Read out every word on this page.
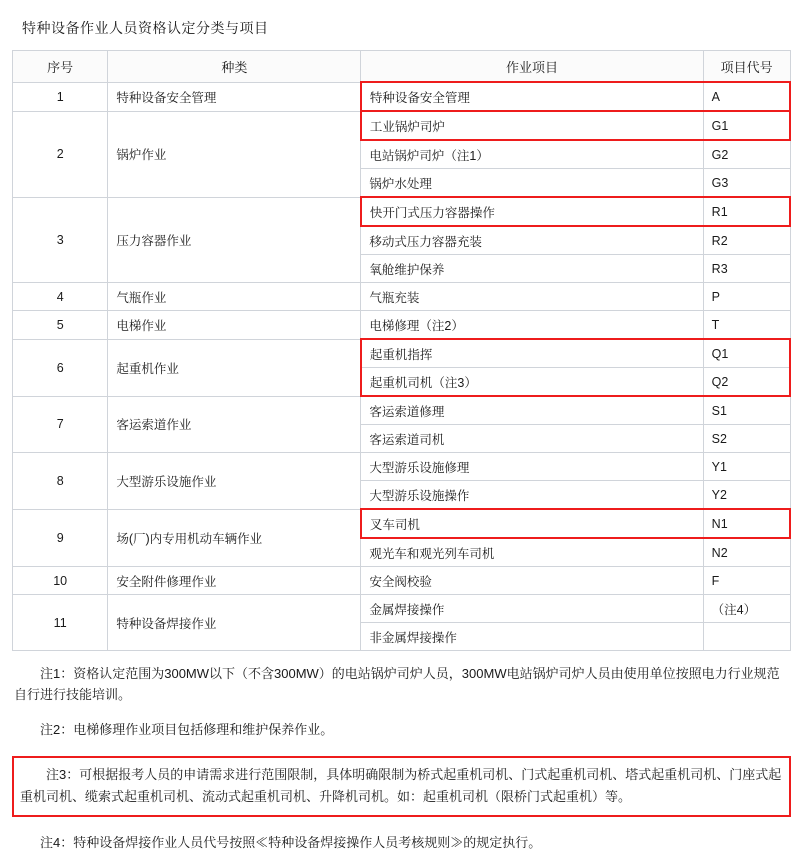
特种设备作业人员资格认定分类与项目
序号	种类	作业项目	项目代号
1	特种设备安全管理	特种设备安全管理	A
2	锅炉作业	工业锅炉司炉	G1
		电站锅炉司炉（注1）	G2
		锅炉水处理	G3
3	压力容器作业	快开门式压力容器操作	R1
		移动式压力容器充装	R2
		氧舱维护保养	R3
4	气瓶作业	气瓶充装	P
5	电梯作业	电梯修理（注2）	T
6	起重机作业	起重机指挥	Q1
		起重机司机（注3）	Q2
7	客运索道作业	客运索道修理	S1
		客运索道司机	S2
8	大型游乐设施作业	大型游乐设施修理	Y1
		大型游乐设施操作	Y2
9	场(厂)内专用机动车辆作业	叉车司机	N1
		观光车和观光列车司机	N2
10	安全附件修理作业	安全阀校验	F
11	特种设备焊接作业	金属焊接操作	（注4）
		非金属焊接操作	
注1：资格认定范围为300MW以下（不含300MW）的电站锅炉司炉人员，300MW电站锅炉司炉人员由使用单位按照电力行业规范自行进行技能培训。
注2：电梯修理作业项目包括修理和维护保养作业。
注3：可根据报考人员的申请需求进行范围限制，具体明确限制为桥式起重机司机、门式起重机司机、塔式起重机司机、门座式起重机司机、缆索式起重机司机、流动式起重机司机、升降机司机。如：起重机司机（限桥门式起重机）等。
注4：特种设备焊接作业人员代号按照≪特种设备焊接操作人员考核规则≫的规定执行。
